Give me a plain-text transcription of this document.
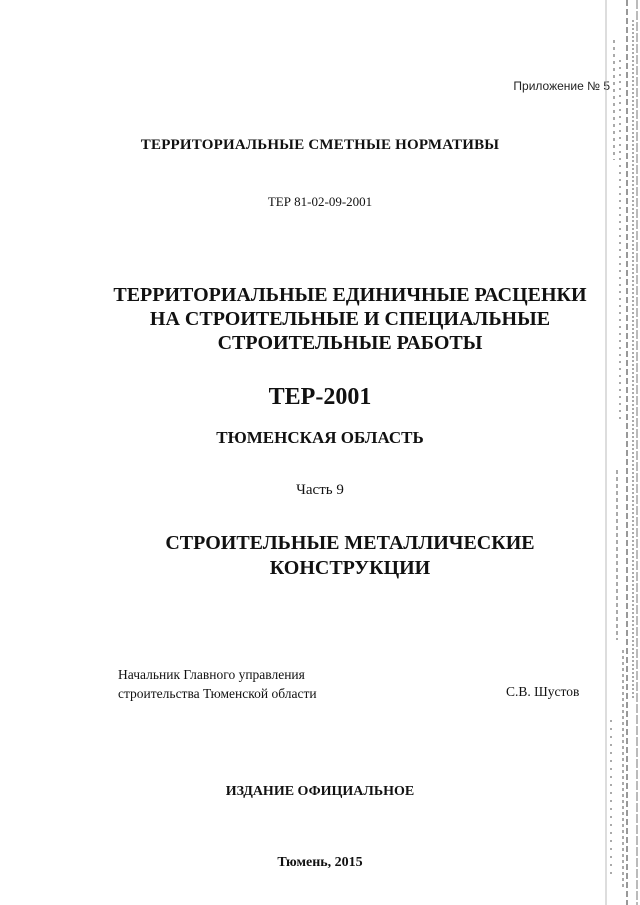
Приложение № 5
ТЕРРИТОРИАЛЬНЫЕ СМЕТНЫЕ НОРМАТИВЫ
ТЕР 81-02-09-2001
ТЕРРИТОРИАЛЬНЫЕ ЕДИНИЧНЫЕ РАСЦЕНКИ
НА СТРОИТЕЛЬНЫЕ И СПЕЦИАЛЬНЫЕ
СТРОИТЕЛЬНЫЕ РАБОТЫ
ТЕР-2001
ТЮМЕНСКАЯ ОБЛАСТЬ
Часть 9
СТРОИТЕЛЬНЫЕ МЕТАЛЛИЧЕСКИЕ
КОНСТРУКЦИИ
Начальник Главного управления
строительства Тюменской области	С.В. Шустов
ИЗДАНИЕ ОФИЦИАЛЬНОЕ
Тюмень, 2015
